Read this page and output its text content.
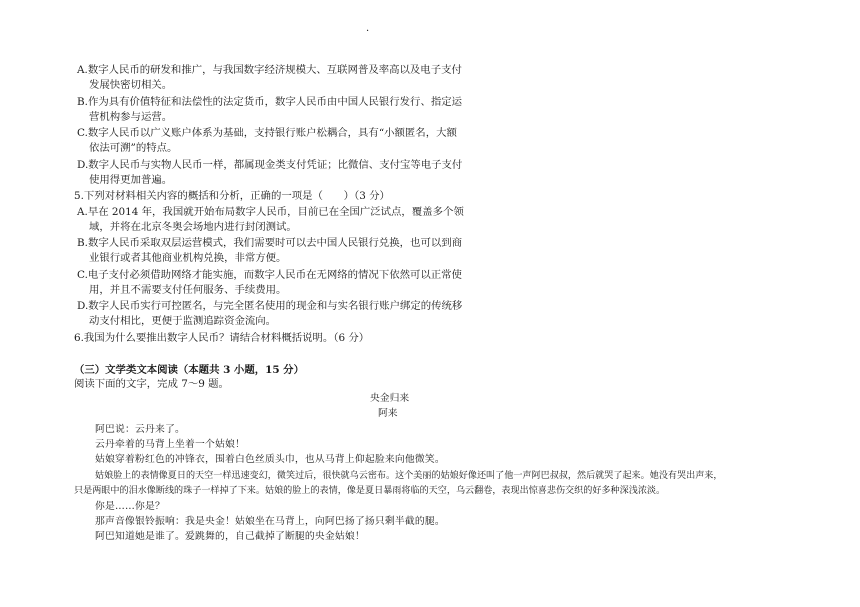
·
A.数字人民币的研发和推广，与我国数字经济规模大、互联网普及率高以及电子支付
发展快密切相关。
B.作为具有价值特征和法偿性的法定货币，数字人民币由中国人民银行发行、指定运
营机构参与运营。
C.数字人民币以广义账户体系为基础，支持银行账户松耦合，具有“小额匿名，大额
依法可溯”的特点。
D.数字人民币与实物人民币一样，都属现金类支付凭证；比微信、支付宝等电子支付
使用得更加普遍。
5.下列对材料相关内容的概括和分析，正确的一项是（　　）（3 分）
A.早在 2014 年，我国就开始布局数字人民币，目前已在全国广泛试点，覆盖多个领
域，并将在北京冬奥会场地内进行封闭测试。
B.数字人民币采取双层运营模式，我们需要时可以去中国人民银行兑换，也可以到商
业银行或者其他商业机构兑换，非常方便。
C.电子支付必须借助网络才能实施，而数字人民币在无网络的情况下依然可以正常使
用，并且不需要支付任何服务、手续费用。
D.数字人民币实行可控匿名，与完全匿名使用的现金和与实名银行账户绑定的传统移
动支付相比，更便于监测追踪资金流向。
6.我国为什么要推出数字人民币？请结合材料概括说明。（6 分）
（三）文学类文本阅读（本题共 3 小题，15 分）
阅读下面的文字，完成 7～9 题。
央金归来
阿来
阿巴说：云丹来了。
云丹牵着的马背上坐着一个姑娘！
姑娘穿着粉红色的冲锋衣，围着白色丝质头巾，也从马背上仰起脸来向他微笑。
姑娘脸上的表情像夏日的天空一样迅速变幻，微笑过后，很快就乌云密布。这个美丽的姑娘好像还叫了他一声阿巴叔叔，然后就哭了起来。她没有哭出声来，
只是两眼中的泪水像断线的珠子一样掉了下来。姑娘的脸上的表情，像是夏日暴雨将临的天空，乌云翻卷，表现出惊喜悲伤交织的好多种深浅浓淡。
你是……你是？
那声音像银铃振响：我是央金！姑娘坐在马背上，向阿巴扬了扬只剩半截的腿。
阿巴知道她是谁了。爱跳舞的，自己截掉了断腿的央金姑娘！
